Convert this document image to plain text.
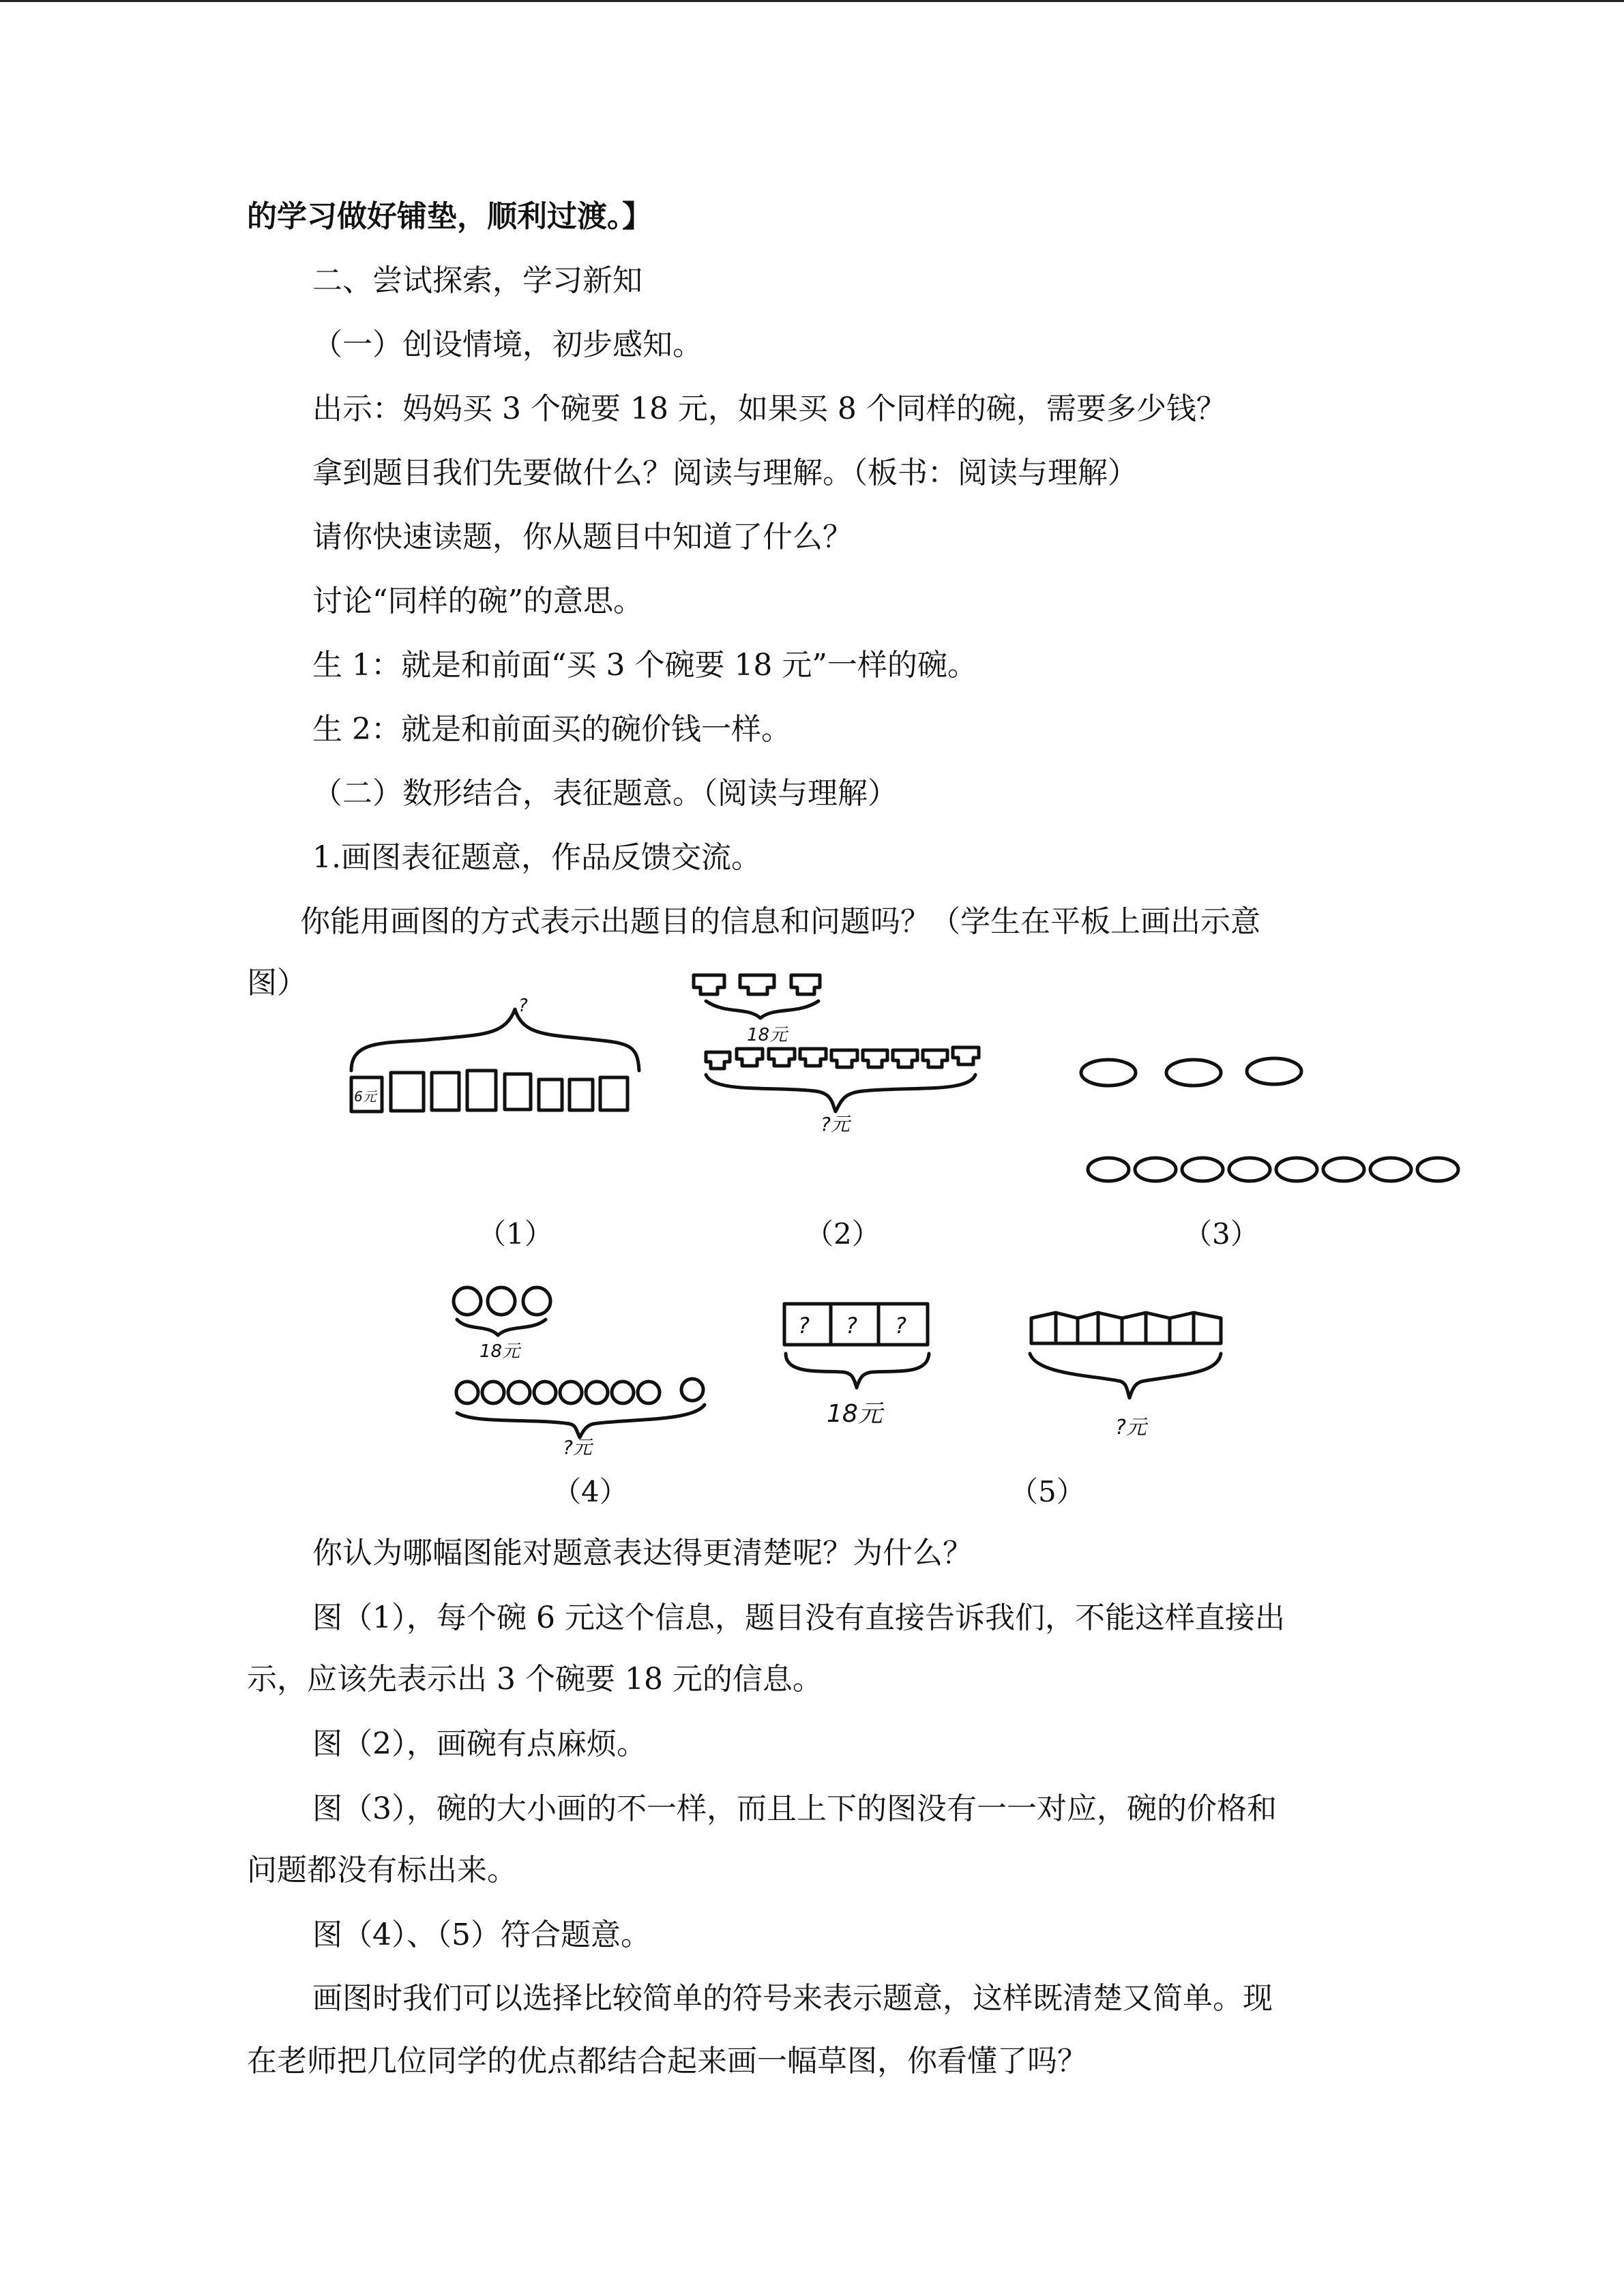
的学习做好铺垫，顺利过渡。】
二、尝试探索，学习新知
（一）创设情境，初步感知。
出示：妈妈买 3 个碗要 18 元，如果买 8 个同样的碗，需要多少钱？
拿到题目我们先要做什么？阅读与理解。（板书：阅读与理解）
请你快速读题，你从题目中知道了什么？
讨论“同样的碗”的意思。
生 1：就是和前面“买 3 个碗要 18 元”一样的碗。
生 2：就是和前面买的碗价钱一样。
（二）数形结合，表征题意。（阅读与理解）
1.画图表征题意，作品反馈交流。
你能用画图的方式表示出题目的信息和问题吗？（学生在平板上画出示意
图）
?
6元
18元
?元
（1）	（2）	（3）
18元
?元
? ? ?
18元	?元
（4）	（5）
你认为哪幅图能对题意表达得更清楚呢？为什么？
图（1），每个碗 6 元这个信息，题目没有直接告诉我们，不能这样直接出
示，应该先表示出 3 个碗要 18 元的信息。
图（2），画碗有点麻烦。
图（3），碗的大小画的不一样，而且上下的图没有一一对应，碗的价格和
问题都没有标出来。
图（4）、（5）符合题意。
画图时我们可以选择比较简单的符号来表示题意，这样既清楚又简单。现
在老师把几位同学的优点都结合起来画一幅草图，你看懂了吗？
